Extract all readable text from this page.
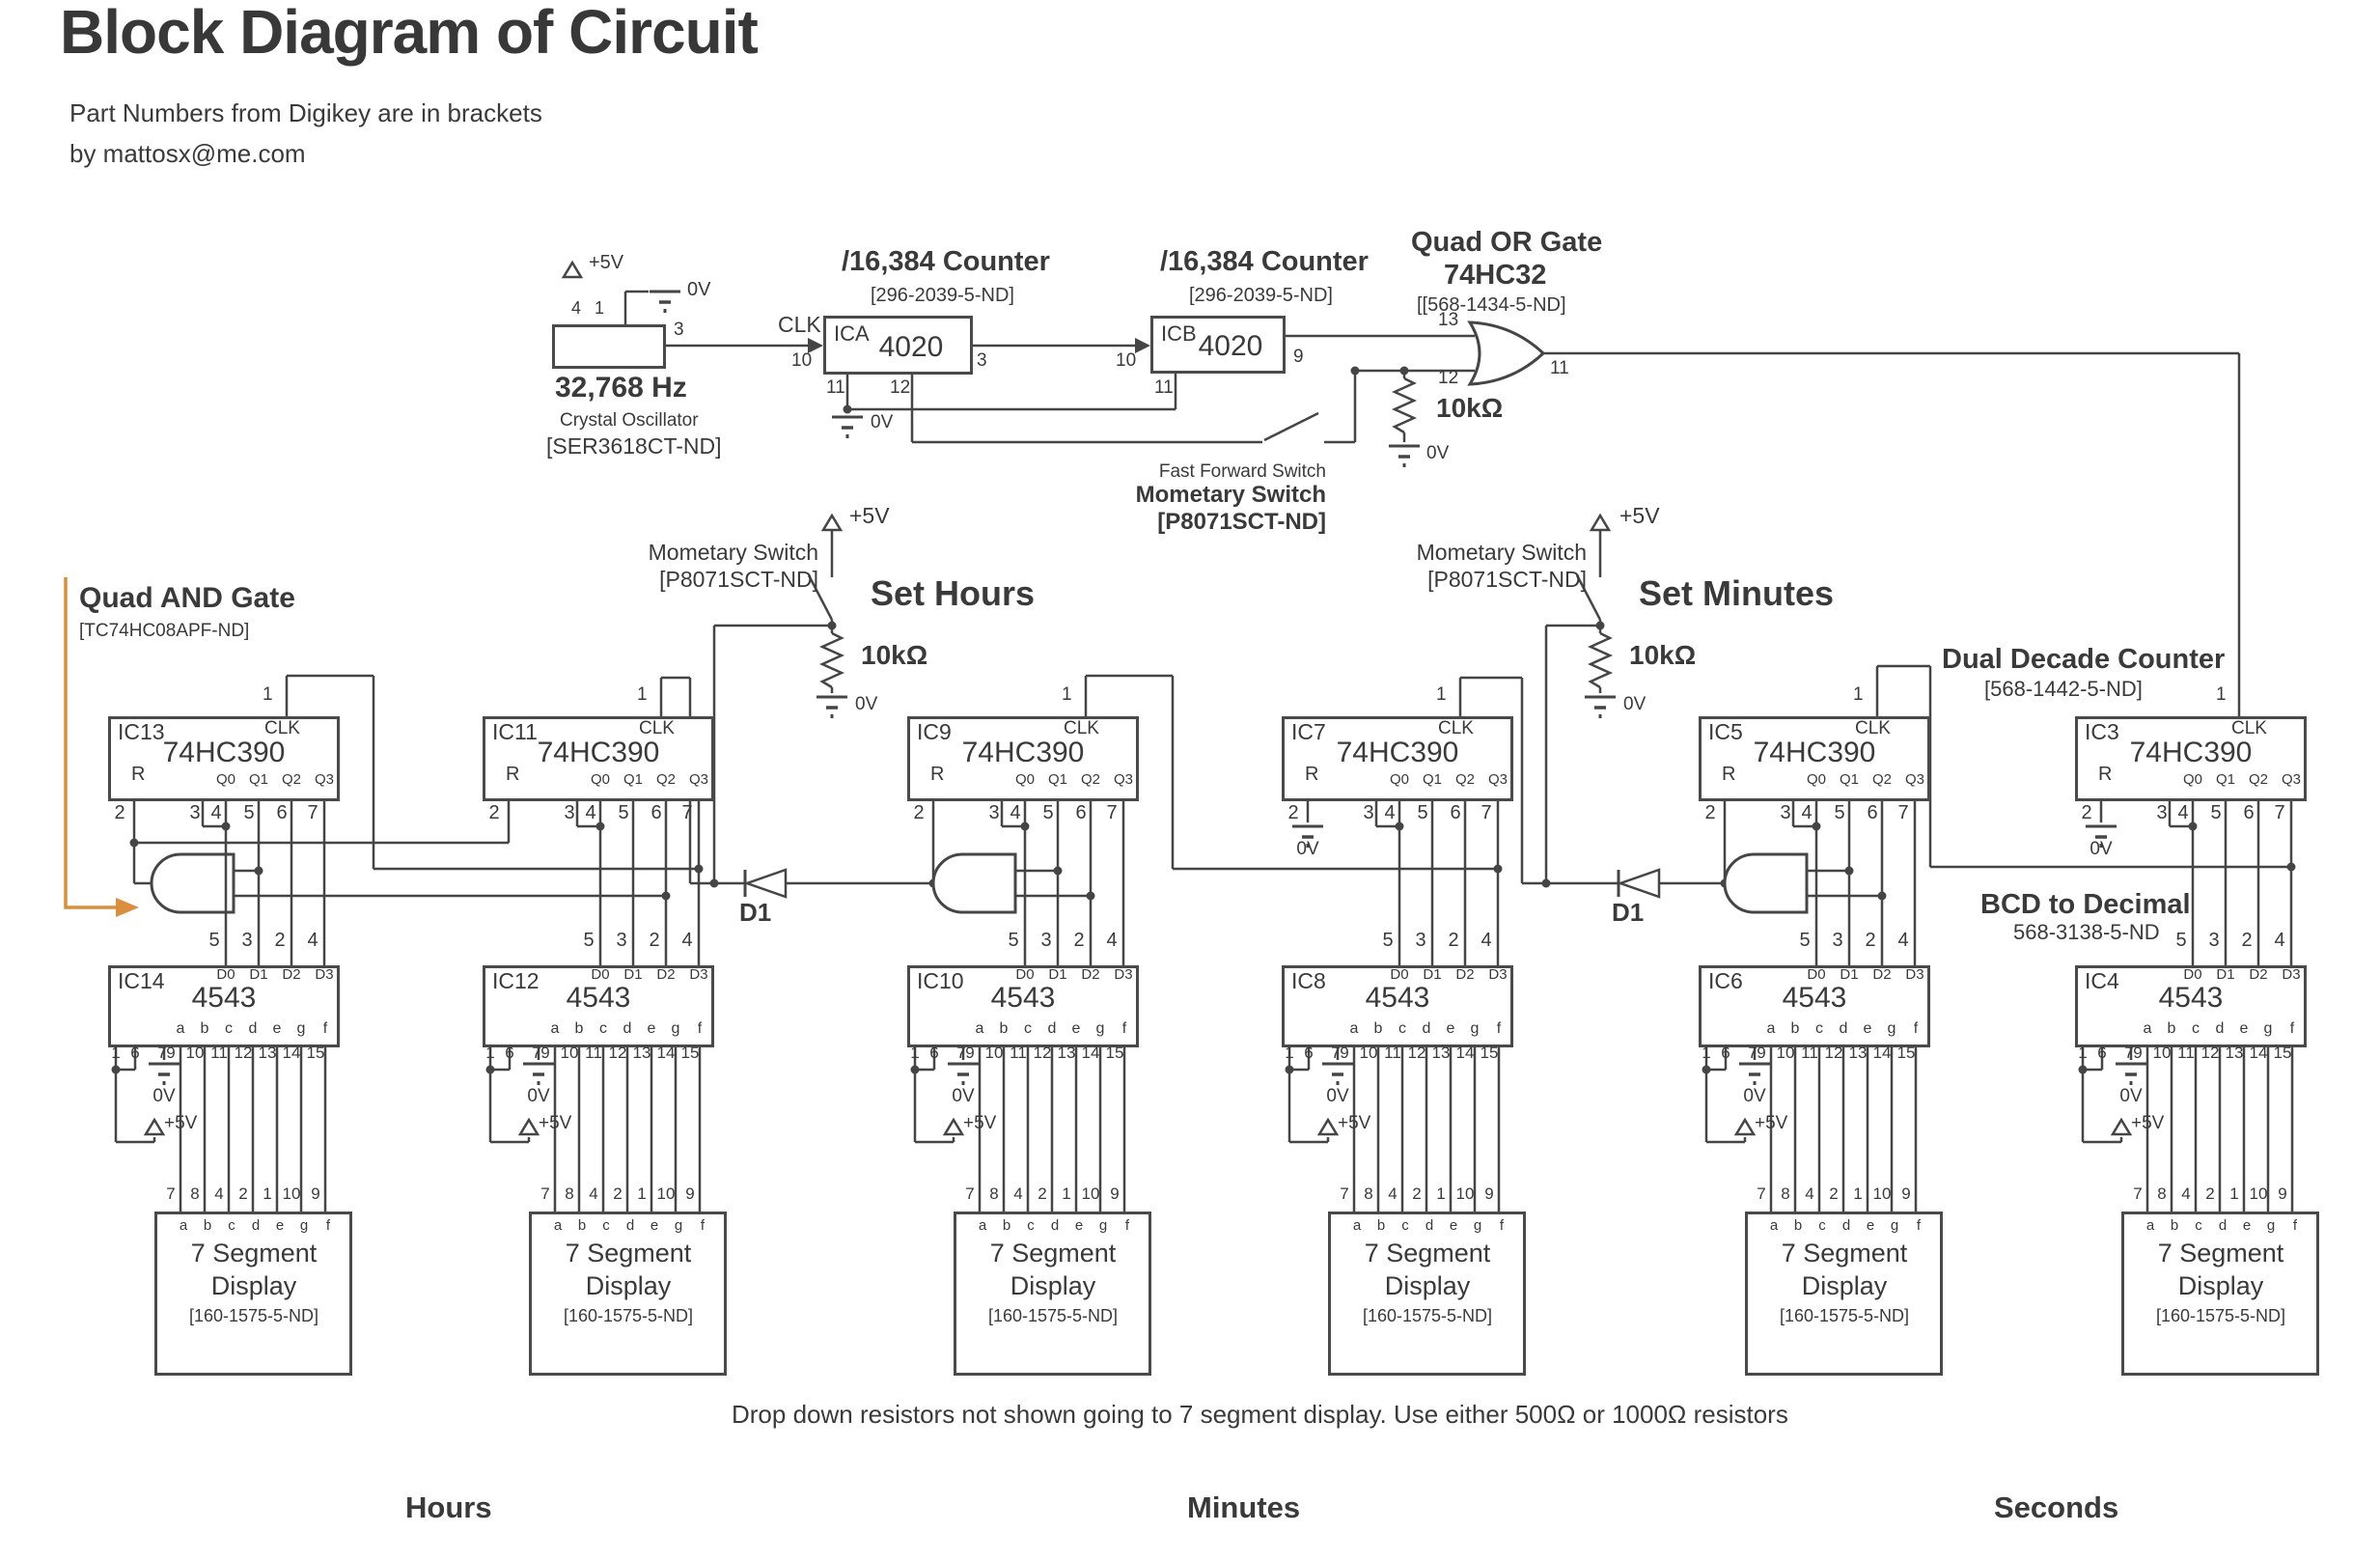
Block Diagram of Circuit
Part Numbers from Digikey are in brackets
by mattosx@me.com
+5V
0V
4 1
3
32,768 Hz
Crystal Oscillator
[SER3618CT-ND]
/16,384 Counter
[296-2039-5-ND]
CLK
10	3
11 12
0V
ICA 4020
/16,384 Counter
[296-2039-5-ND]
10
11
9
ICB 4020
Quad OR Gate
74HC32
[[568-1434-5-ND]
13
12	11
10kΩ
0V
Fast Forward Switch
Mometary Switch
[P8071SCT-ND]
Quad AND Gate
[TC74HC08APF-ND]
+5V
Set Hours
Mometary Switch
[P8071SCT-ND]
10kΩ
0V
+5V
Set Minutes
Mometary Switch
[P8071SCT-ND]
10kΩ
0V
Dual Decade Counter
[568-1442-5-ND]
BCD to Decimal
568-3138-5-ND
D1	D1
Drop down resistors not shown going to 7 segment display. Use either 500Ω or 1000Ω resistors
Hours	Minutes	Seconds
IC13
74HC390
CLK
R	Q0 Q1 Q2 Q3
1
2	3 4 5 6 7
5 3 2 4
IC14
4543
D0 D1 D2 D3
a b c d e g f
1 6 7 9 10 11 12 13 14 15
+5V
0V
7 8 4 2 1 10 9
a b c d e g f
7 Segment
Display
[160-1575-5-ND]
IC11
74HC390
CLK
R	Q0 Q1 Q2 Q3
1
2	3 4 5 6 7
5 3 2 4
IC12
4543
D0 D1 D2 D3
a b c d e g f
1 6 7 9 10 11 12 13 14 15
+5V
0V
7 8 4 2 1 10 9
a b c d e g f
7 Segment
Display
[160-1575-5-ND]
IC9
74HC390
CLK
R	Q0 Q1 Q2 Q3
1
2	3 4 5 6 7
5 3 2 4
IC10
4543
D0 D1 D2 D3
a b c d e g f
1 6 7 9 10 11 12 13 14 15
+5V
0V
7 8 4 2 1 10 9
a b c d e g f
7 Segment
Display
[160-1575-5-ND]
IC7
74HC390
CLK
R	Q0 Q1 Q2 Q3
1
2	3 4 5 6 7
0V
5 3 2 4
IC8
4543
D0 D1 D2 D3
a b c d e g f
1 6 7 9 10 11 12 13 14 15
+5V
0V
7 8 4 2 1 10 9
a b c d e g f
7 Segment
Display
[160-1575-5-ND]
IC5
74HC390
CLK
R	Q0 Q1 Q2 Q3
1
2	3 4 5 6 7
5 3 2 4
IC6
4543
D0 D1 D2 D3
a b c d e g f
1 6 7 9 10 11 12 13 14 15
+5V
0V
7 8 4 2 1 10 9
a b c d e g f
7 Segment
Display
[160-1575-5-ND]
IC3
74HC390
CLK
R	Q0 Q1 Q2 Q3
1
2	3 4 5 6 7
0V
5 3 2 4
IC4
4543
D0 D1 D2 D3
a b c d e g f
1 6 7 9 10 11 12 13 14 15
+5V
0V
7 8 4 2 1 10 9
a b c d e g f
7 Segment
Display
[160-1575-5-ND]
